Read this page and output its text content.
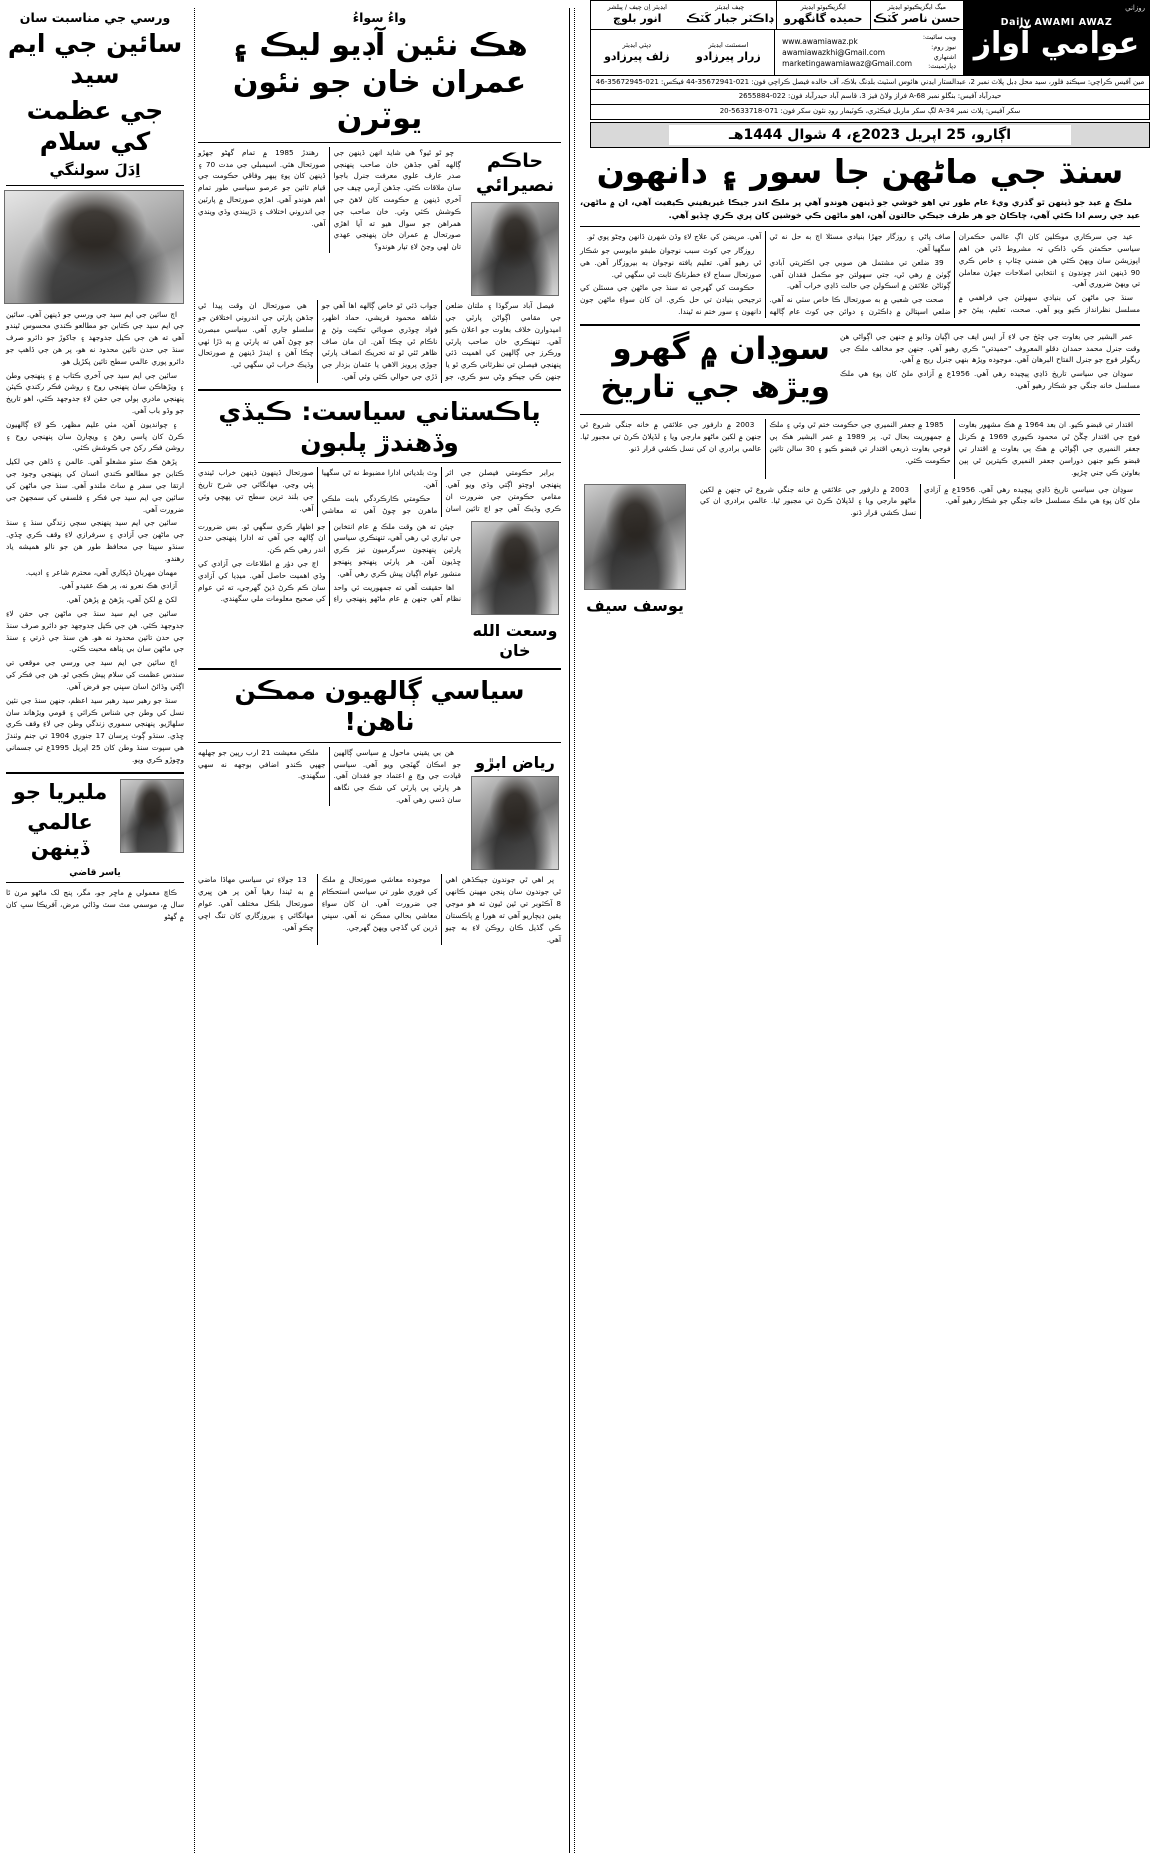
روزاني
Daily AWAMI AWAZ
عوامي آواز
ميگ ايگزيڪيوٽو ايڊيٽر
حسن ناصر کَٽڪ
ايگزيڪيوٽو ايڊيٽر
حميده گانگهرو
چيف ايڊيٽر
ڊاڪٽر جبار کَٽڪ
ايڊيٽر اِن چيف / پبلشر
انور بلوچ
ويب سائيٽ:
نيوز روم:
اشتهاري ڊپارٽمينٽ:
www.awamiawaz.pk
awamiawazkhi@Gmail.com
marketingawamiawaz@Gmail.com
اسسٽنٽ ايڊيٽر
زرار پيرزادو
ڊپٽي ايڊيٽر
زلف پيرزادو
مين آفيس ڪراچي: سيڪنڊ فلور، سيد محل ڊبل پلاٽ نمبر 2، عبدالستار ايڊني هائوس اسٽيٽ بلڊنگ بلاڪ، آف خالده فيصل ڪراچي فون: 021-35672941-44 فيڪس: 021-35672945-46
حيدرآباد آفيس: بنگلو نمبر A-68 فراز ولاڻ فيز 3، قاسم آباد حيدرآباد فون: 022-2655884
سکر آفيس: پلاٽ نمبر A-34 لڳ سکر ماربل فيڪٽري، ڪوٽيمار روڊ نئون سکر فون: 071-5633718-20
اڳارو، 25 اپريل 2023ع، 4 شوال 1444هـ
ورسي جي مناسبت سان
سائين جي ايم سيد
جي عظمت کي سلام
اِدَلَ سولنگي

اڄ سائين جي ايم سيد جي ورسي جو ڏينهن آهي. سائين جي ايم سيد جي ڪتابن جو مطالعو ڪندي محسوس ٿيندو آهي ته هن جي ڪيل جدوجهد ۽ جاکوڙ جو دائرو صرف سنڌ جي حدن تائين محدود نه هو، پر هن جي ڏاهپ جو دائرو پوري عالمي سطح تائين پکڙيل هو.

سائين جي ايم سيد جي آخري ڪتاب ۾ ۽ پنهنجي وطن ۽ ويڙهاڪن سان پنهنجي روح ۽ روشن فڪر رکندي ڪيئن پنهنجي مادري ٻولي جي حقن لاءِ جدوجهد ڪئي، اهو تاريخ جو وڏو باب آهي.

۽ چوانديون آهن، مٺي عليم مظهر، ڪو لاءِ ڳالهيون ڪرڻ کان پاسي رهڻ ۽ ويچارڻ سان پنهنجي روح ۽ روشن فڪر رکڻ جي ڪوشش ڪئي.

پڙهڻ هڪ سٺو مشغلو آهي. عالمن ۽ ڏاهن جي لکيل ڪتابن جو مطالعو ڪندي انسان کي پنهنجي وجود جي ارتقا جي سفر ۾ ساٿ ملندو آهي. سنڌ جي ماڻهن کي سائين جي ايم سيد جي فڪر ۽ فلسفي کي سمجهڻ جي ضرورت آهي.

سائين جي ايم سيد پنهنجي سڄي زندگي سنڌ ۽ سنڌ جي ماڻهن جي آزادي ۽ سرفرازي لاءِ وقف ڪري ڇڏي. سنڌو سڀيتا جي محافظ طور هن جو نالو هميشه ياد رهندو.

مهمان مهرباڻ ڏيکاري آهي، محترم شاعر ۽ اديب.

آزادي هڪ نعرو نه، پر هڪ عقيدو آهي.

لکڻ ۾ لکڻ آهي، پڙهڻ ۾ پڙهڻ آهي.

سائين جي ايم سيد سنڌ جي ماڻهن جي حقن لاءِ جدوجهد ڪئي. هن جي ڪيل جدوجهد جو دائرو صرف سنڌ جي حدن تائين محدود نه هو. هن سنڌ جي ڌرتي ۽ سنڌ جي ماڻهن سان بي پناهه محبت ڪئي.

اڄ سائين جي ايم سيد جي ورسي جي موقعي تي سندس عظمت کي سلام پيش ڪجي ٿو. هن جي فڪر کي اڳتي وڌائڻ اسان سڀني جو فرض آهي.

سنڌ جو رهبر سيد رهبر سيد اعظم، جنهن سنڌ جي نئين نسل کي وطن جي شناس ڪرائي ۽ قومي ويڙهاند سان سلهاڙيو. پنهنجي سموري زندگي وطن جي لاءِ وقف ڪري ڇڏي. سنڌو ڳوٺ ڀرسان 17 جنوري 1904 تي جنم وٺندڙ هي سپوت سنڌ وطن کان 25 اپريل 1995ع تي جسماني وڇوڙو ڪري ويو.

ملیریا جو
عالمي ڏينهن
ياسر قاضي

ڪاڇ معمولي ۾ ماڇر جو، مگر، پنج لک ماڻهو مرن ٿا سال ۾، موسمي مٽ سٽ وڏائي مرض، آفريڪا سڀ کان ۾ گهڻو

واءُ سواءُ
هڪ نئين آڊيو ليڪ ۽ عمران خان جو نئون يوٽرن
حاڪم نصيرائي

چو ٿو ٿيو؟ هي شايد انهن ڏينهن جي ڳالهه آهي جڏهن خان صاحب پنهنجي صدر عارف علوي معرفت جنرل باجوا سان ملاقات ڪئي. جڏهن آرمي چيف جي آخري ڏينهن ۾ حڪومت کان لاهڻ جي ڪوشش ڪئي وئي. خان صاحب جي همراهن جو سوال هيو ته آيا اهڙي صورتحال ۾ عمران خان پنهنجي عهدي تان لهي وڃڻ لاءِ تيار هوندو؟

رهندڙ 1985 ۾ تمام گهڻو جهڙو صورتحال هئي. اسيمبلي جي مدت 70 ۽ ڏينهن کان پوءِ ٻيهر وفاقي حڪومت جي قيام تائين جو عرصو سياسي طور تمام اهم هوندو آهي. اهڙي صورتحال ۾ پارٽين جي اندروني اختلاف ۽ ڌڙيبندي وڌي ويندي آهي.

فيصل آباد سرگوڌا ۽ ملتان ضلعن جي مقامي اڳواڻن پارٽي جي اميدوارن خلاف بغاوت جو اعلان ڪيو آهي. تنهنڪري خان صاحب پارٽي ورڪرز جي ڳالهين کي اهميت ڏئي پنهنجي فيصلن تي نظرثاني ڪري ٿو يا جنهن ڪي جيڪو وڻي سو ڪري، جو جواب ڏئي ٿو خاص ڳالهه اها آهي جو شاهه محمود قريشي، حماد اظهر، فواد چوڌري صوبائي تڪيت وٺڻ ۾ ناڪام ٿي چڪا آهن. ان مان صاف ظاهر ٿئي ٿو ته تحريڪ انصاف پارٽي جوڙي پرويز الاهي يا عثمان بزدار جي ڌڙي جي حوالي ڪئي وئي آهي.

هي صورتحال ان وقت پيدا ٿي جڏهن پارٽي جي اندروني اختلافن جو سلسلو جاري آهي. سياسي مبصرن جو چوڻ آهي ته پارٽي ۾ ٻه ڌڙا ٺهي چڪا آهن ۽ ايندڙ ڏينهن ۾ صورتحال وڌيڪ خراب ٿي سگهي ٿي.

پاڪستاني سياست: ڪيڏي وڏهندڙ پلبون

برابر حڪومتي فيصلن جي اثر پنهنجي اوچتو اڳتي وڌي ويو آهي. مقامي حڪومتن جي ضرورت ان ڪري وڌيڪ آهي جو اڄ تائين اسان وٽ بلدياتي ادارا مضبوط نه ٿي سگهيا آهن.

حڪومتي ڪارڪردگي بابت ملڪي ماهرن جو چوڻ آهي ته معاشي صورتحال ڏينهون ڏينهن خراب ٿيندي پئي وڃي. مهانگائي جي شرح تاريخ جي بلند ترين سطح تي پهچي وئي آهي.

وسعت الله خان

جيئن ته هن وقت ملڪ ۾ عام انتخابن جي تياري ٿي رهي آهي، تنهنڪري سياسي پارٽين پنهنجون سرگرميون تيز ڪري ڇڏيون آهن. هر پارٽي پنهنجو پنهنجو منشور عوام اڳيان پيش ڪري رهي آهي.

اها حقيقت آهي ته جمهوريت ئي واحد نظام آهي جنهن ۾ عام ماڻهو پنهنجي راءِ جو اظهار ڪري سگهي ٿو. بس ضرورت ان ڳالهه جي آهي ته ادارا پنهنجي حدن اندر رهي ڪم ڪن.

اڄ جي دؤر ۾ اطلاعات جي آزادي کي وڏي اهميت حاصل آهي. ميڊيا کي آزادي سان ڪم ڪرڻ ڏيڻ گهرجي، ته ئي عوام کي صحيح معلومات ملي سگهندي.

سياسي ڳالهيون ممڪن ناهن!
رياض ابڙو

هن بي يقيني ماحول ۾ سياسي ڳالهين جو امڪان گهٽجي ويو آهي. سياسي قيادت جي وچ ۾ اعتماد جو فقدان آهي. هر پارٽي ٻي پارٽي کي شڪ جي نگاهه سان ڏسي رهي آهي.

ملڪي معيشت 21 ارب رپين جو جهلهه جهپي ڪندو اضافي بوجهه نه سهي سگهندي.

پر اهي ٿي جوندون جيڪڏهن اهي ٿي جوندون سان پنجن مهينن ڪانهي 8 آڪٽوبر تي ٿين ٿيون ته هو موجي يقين ڊيڄاريو آهي ته هورا ۾ پاڪستان ڪي گڏيل ڪان روڪن لاءِ به چيو آهي.

موجوده معاشي صورتحال ۾ ملڪ کي فوري طور تي سياسي استحڪام جي ضرورت آهي. ان کان سواءِ معاشي بحالي ممڪن نه آهي. سڀني ڌرين کي گڏجي ويهڻ گهرجي.

13 جولاءِ تي سياسي مهاڏا ماضي ۾ به ٿيندا رهيا آهن پر هن ڀيري صورتحال بلڪل مختلف آهي. عوام مهانگائي ۽ بيروزگاري کان تنگ اچي چڪو آهي.

سنڌ جي ماڻهن جا سور ۽ دانهون

ملڪ ۾ عيد جو ڏينهن ٿو گذري ويءَ عام طور تي اهو خوشي جو ڏينهن هوندو آهي پر ملڪ اندر جيڪا غيريقيني ڪيفيت آهي، ان ۾ ماڻهن، عيد جي رسم ادا ڪئي آهي، چاڪاڻ جو هر طرف جيڪي حالتون آهن، اهو ماڻهن ڪي خوشين کان پري ڪري ڇڏيو آهي.

عيد جي سرڪاري موڪلين کان اڳ عالمي حڪمران سياسي حڪمتن ڪي ڏاڪي تہ مشروط ڏئي هن اهم اپوزيشن سان ويهڻ ڪئي هن ضمني چئاپ ۽ خاص ڪري 90 ڏينهن اندر چونڊون ۽ انتخابي اصلاحات جهڙن معاملن تي ويهڻ ضروري آهي.

سنڌ جي ماڻهن کي بنيادي سهولتن جي فراهمي ۾ مسلسل نظرانداز ڪيو ويو آهي. صحت، تعليم، پيئڻ جو صاف پاڻي ۽ روزگار جهڙا بنيادي مسئلا اڄ به حل نه ٿي سگهيا آهن.

39 ضلعن تي مشتمل هن صوبي جي اڪثريتي آبادي ڳوٺن ۾ رهي ٿي، جتي سهولتن جو مڪمل فقدان آهي. ڳوٺاڻن علائقن ۾ اسڪولن جي حالت ڏاڍي خراب آهي.

صحت جي شعبي ۾ به صورتحال ڪا خاص سٺي نه آهي. ضلعي اسپتالن ۾ ڊاڪٽرن ۽ دوائن جي کوٽ عام ڳالهه آهي. مريضن کي علاج لاءِ وڏن شهرن ڏانهن وڃڻو پوي ٿو.

روزگار جي کوٽ سبب نوجوان طبقو مايوسي جو شڪار ٿي رهيو آهي. تعليم يافته نوجوان به بيروزگار آهن. هي صورتحال سماج لاءِ خطرناڪ ثابت ٿي سگهي ٿي.

حڪومت کي گهرجي ته سنڌ جي ماڻهن جي مسئلن کي ترجيحي بنيادن تي حل ڪري. ان کان سواءِ ماڻهن جون دانهون ۽ سور ختم نه ٿيندا.

عمر البشير جي بغاوت جي چٽخ جي لاءِ آر ايس ايف جي اڳيان وڏايو ۾ جنهن جي اڳواڻي هن وقت جنرل محمد حمدان دقلو المعروف "حميدتي" ڪري رهيو آهي. جنهن جو مخالف ملڪ جي ريگولر فوج جو جنرل الفتاح البرهان آهي. موجوده ويڙھ بنهي جنرل ريج ۾ آهي.

سوڍان جي سياسي تاريخ ڏاڍي پيچيده رهي آهي. 1956ع ۾ آزادي ملڻ کان پوءِ هي ملڪ مسلسل خانه جنگي جو شڪار رهيو آهي.

سوڍان ۾ گهرو ويڙھ جي تاريخ

اقتدار تي قبضو ڪيو. ان بعد 1964 ۾ هڪ مشهور بغاوت فوج جي اقتدار چڱڻ ٿي محمود ڪيوري 1969 ۾ ڪرنل جعفر النميري جي اڳواڻي ۾ هڪ ٻي بغاوت ۾ اقتدار تي قبضو ڪيو جنهن دوراسن جعفر النميري ڪيترين ٿي ٻين بغاوتن ڪي جني چڙيو.

1985 ۾ جعفر النميري جي حڪومت ختم ٿي وئي ۽ ملڪ ۾ جمهوريت بحال ٿي. پر 1989 ۾ عمر البشير هڪ ٻي فوجي بغاوت ذريعي اقتدار تي قبضو ڪيو ۽ 30 سالن تائين حڪومت ڪئي.

2003 ۾ دارفور جي علائقي ۾ خانه جنگي شروع ٿي جنهن ۾ لکين ماڻهو مارجي ويا ۽ لڏپلاڻ ڪرڻ تي مجبور ٿيا. عالمي برادري ان کي نسل ڪشي قرار ڏنو.

سوڍان جي سياسي تاريخ ڏاڍي پيچيده رهي آهي. 1956ع ۾ آزادي ملڻ کان پوءِ هي ملڪ مسلسل خانه جنگي جو شڪار رهيو آهي.

2003 ۾ دارفور جي علائقي ۾ خانه جنگي شروع ٿي جنهن ۾ لکين ماڻهو مارجي ويا ۽ لڏپلاڻ ڪرڻ تي مجبور ٿيا. عالمي برادري ان کي نسل ڪشي قرار ڏنو.

يوسف سيف
